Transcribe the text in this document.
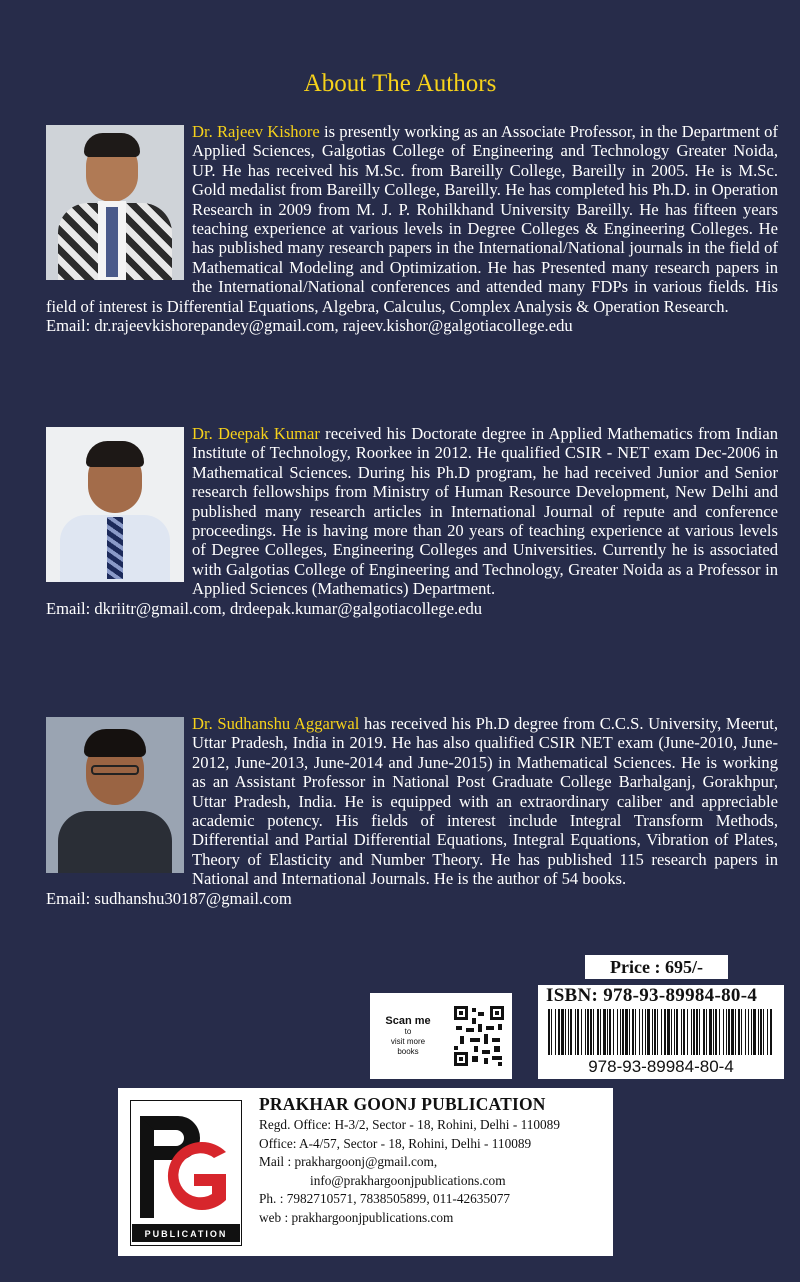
About The Authors
Dr. Rajeev Kishore is presently working as an Associate Professor, in the Department of Applied Sciences, Galgotias College of Engineering and Technology Greater Noida, UP. He has received his M.Sc. from Bareilly College, Bareilly in 2005. He is M.Sc. Gold medalist from Bareilly College, Bareilly. He has completed his Ph.D. in Operation Research in 2009 from M. J. P. Rohilkhand University Bareilly. He has fifteen years teaching experience at various levels in Degree Colleges & Engineering Colleges. He has published many research papers in the International/National journals in the field of Mathematical Modeling and Optimization. He has Presented many research papers in the International/National conferences and attended many FDPs in various fields. His field of interest is Differential Equations, Algebra, Calculus, Complex Analysis & Operation Research.
Email: dr.rajeevkishorepandey@gmail.com, rajeev.kishor@galgotiacollege.edu
Dr. Deepak Kumar received his Doctorate degree in Applied Mathematics from Indian Institute of Technology, Roorkee in 2012. He qualified CSIR - NET exam Dec-2006 in Mathematical Sciences. During his Ph.D program, he had received Junior and Senior research fellowships from Ministry of Human Resource Development, New Delhi and published many research articles in International Journal of repute and conference proceedings. He is having more than 20 years of teaching experience at various levels of Degree Colleges, Engineering Colleges and Universities. Currently he is associated with Galgotias College of Engineering and Technology, Greater Noida as a Professor in Applied Sciences (Mathematics) Department.
Email: dkriitr@gmail.com, drdeepak.kumar@galgotiacollege.edu
Dr. Sudhanshu Aggarwal has received his Ph.D degree from C.C.S. University, Meerut, Uttar Pradesh, India in 2019. He has also qualified CSIR NET exam (June-2010, June-2012, June-2013, June-2014 and June-2015) in Mathematical Sciences. He is working as an Assistant Professor in National Post Graduate College Barhalganj, Gorakhpur, Uttar Pradesh, India. He is equipped with an extraordinary caliber and appreciable academic potency. His fields of interest include Integral Transform Methods, Differential and Partial Differential Equations, Integral Equations, Vibration of Plates, Theory of Elasticity and Number Theory. He has published 115 research papers in National and International Journals. He is the author of 54 books.
Email: sudhanshu30187@gmail.com
Price : 695/-
Scan me
to
visit more books
ISBN: 978-93-89984-80-4
978-93-89984-80-4
PUBLICATION
PRAKHAR GOONJ PUBLICATION
Regd. Office: H-3/2, Sector - 18, Rohini, Delhi - 110089
Office: A-4/57, Sector - 18, Rohini, Delhi - 110089
Mail : prakhargoonj@gmail.com,
info@prakhargoonjpublications.com
Ph. : 7982710571, 7838505899, 011-42635077
web : prakhargoonjpublications.com
